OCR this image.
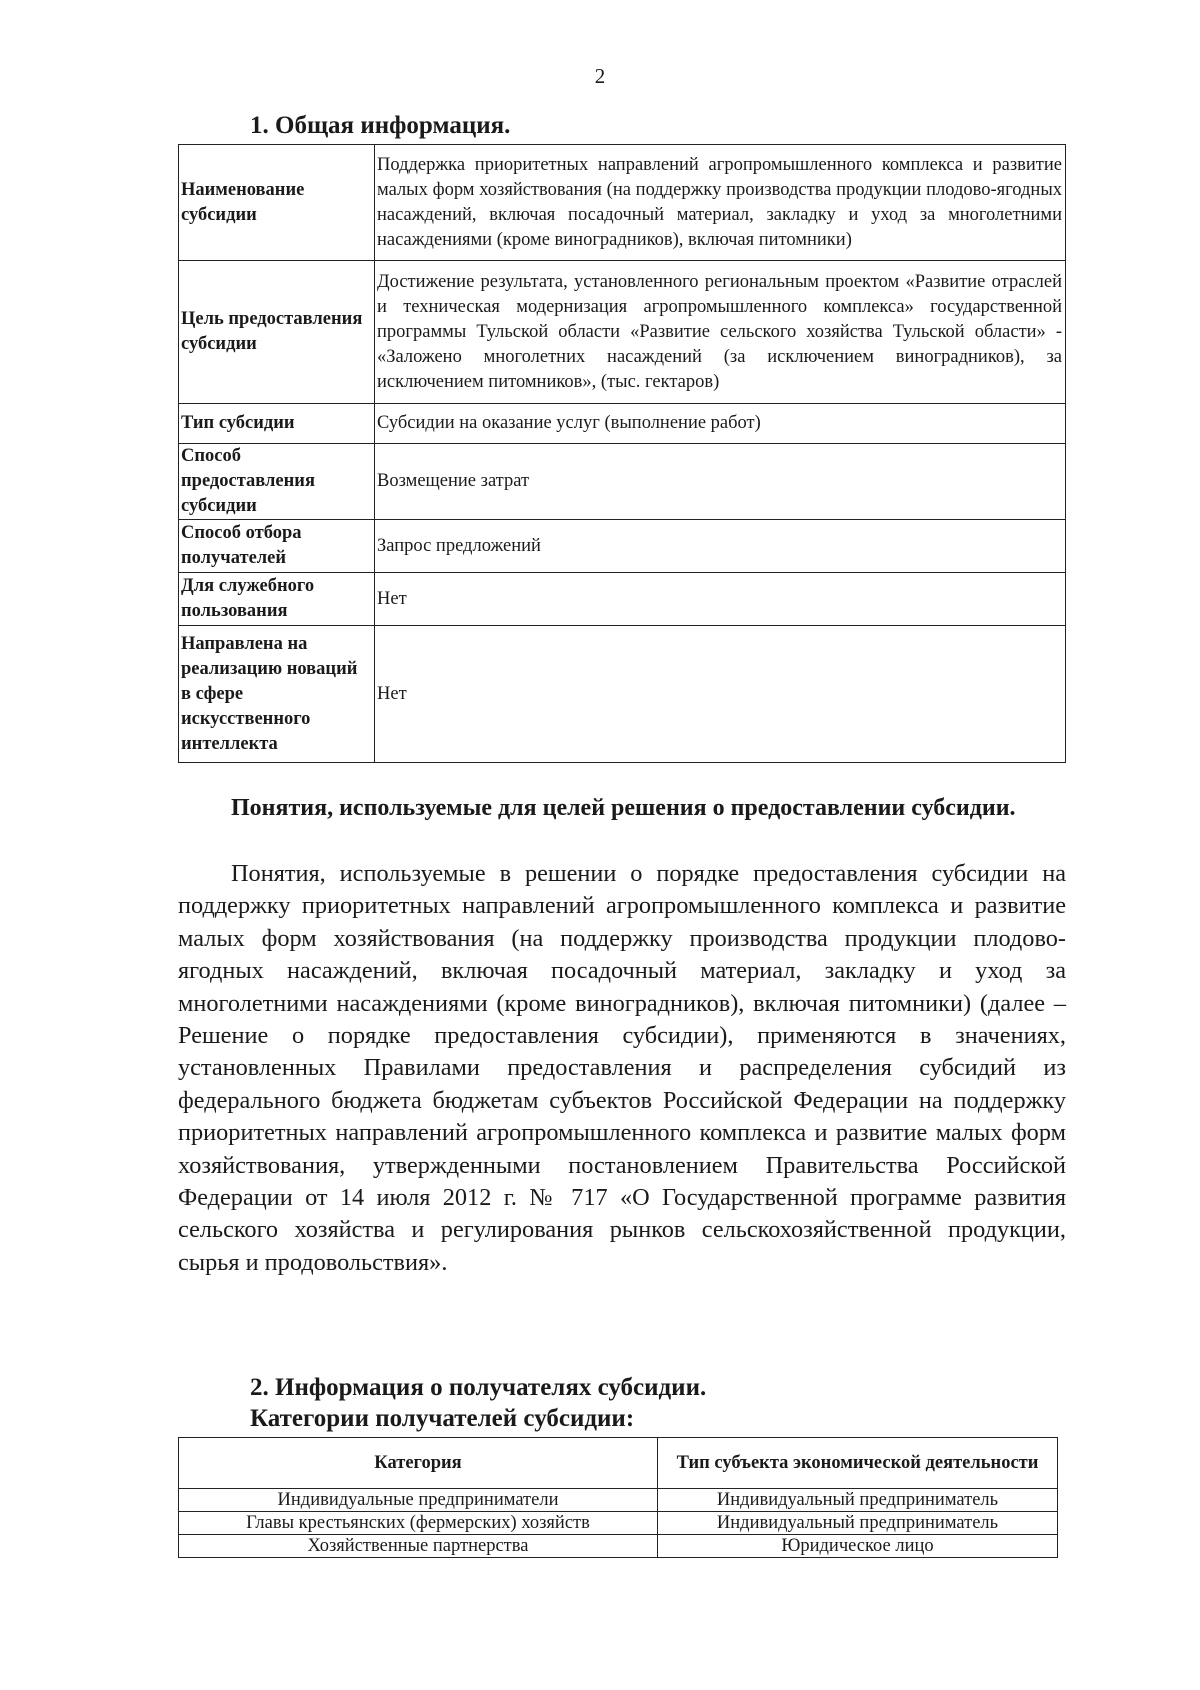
2
1. Общая информация.
Наименование субсидии	Поддержка приоритетных направлений агропромышленного комплекса и развитие малых форм хозяйствования (на поддержку производства продукции плодово-ягодных насаждений, включая посадочный материал, закладку и уход за многолетними насаждениями (кроме виноградников), включая питомники)
Цель предоставления субсидии	Достижение результата, установленного региональным проектом «Развитие отраслей и техническая модернизация агропромышленного комплекса» государственной программы Тульской области «Развитие сельского хозяйства Тульской области» - «Заложено многолетних насаждений (за исключением виноградников), за исключением питомников», (тыс. гектаров)
Тип субсидии	Субсидии на оказание услуг (выполнение работ)
Способ предоставления субсидии	Возмещение затрат
Способ отбора получателей	Запрос предложений
Для служебного пользования	Нет
Направлена на реализацию новаций в сфере искусственного интеллекта	Нет
Понятия, используемые для целей решения о предоставлении субсидии.
Понятия, используемые в решении о порядке предоставления субсидии на поддержку приоритетных направлений агропромышленного комплекса и развитие малых форм хозяйствования (на поддержку производства продукции плодово-ягодных насаждений, включая посадочный материал, закладку и уход за многолетними насаждениями (кроме виноградников), включая питомники) (далее – Решение о порядке предоставления субсидии), применяются в значениях, установленных Правилами предоставления и распределения субсидий из федерального бюджета бюджетам субъектов Российской Федерации на поддержку приоритетных направлений агропромышленного комплекса и развитие малых форм хозяйствования, утвержденными постановлением Правительства Российской Федерации от 14 июля 2012 г. № 717 «О Государственной программе развития сельского хозяйства и регулирования рынков сельскохозяйственной продукции, сырья и продовольствия».
2. Информация о получателях субсидии.
Категории получателей субсидии:
Категория	Тип субъекта экономической деятельности
Индивидуальные предприниматели	Индивидуальный предприниматель
Главы крестьянских (фермерских) хозяйств	Индивидуальный предприниматель
Хозяйственные партнерства	Юридическое лицо
